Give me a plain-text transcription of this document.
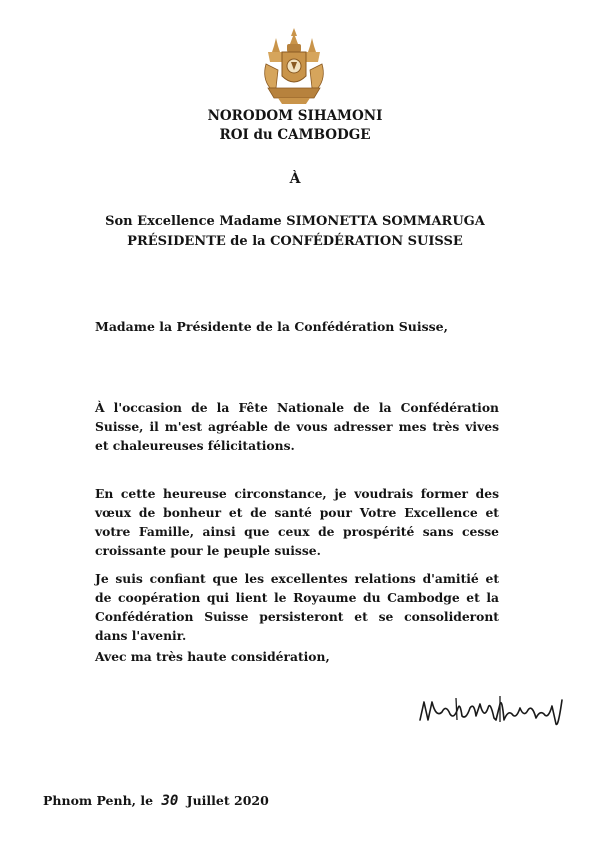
NORODOM SIHAMONI
ROI du CAMBODGE
À
Son Excellence Madame SIMONETTA SOMMARUGA
PRÉSIDENTE de la CONFÉDÉRATION SUISSE
Madame la Présidente de la Confédération Suisse,
À l'occasion de la Fête Nationale de la Confédération Suisse, il m'est agréable de vous adresser mes très vives et chaleureuses félicitations.
En cette heureuse circonstance, je voudrais former des vœux de bonheur et de santé pour Votre Excellence et votre Famille, ainsi que ceux de prospérité sans cesse croissante pour le peuple suisse.
Je suis confiant que les excellentes relations d'amitié et de coopération qui lient le Royaume du Cambodge et la Confédération Suisse persisteront et se consolideront dans l'avenir.
Avec ma très haute considération,
Phnom Penh, le 30 Juillet 2020
